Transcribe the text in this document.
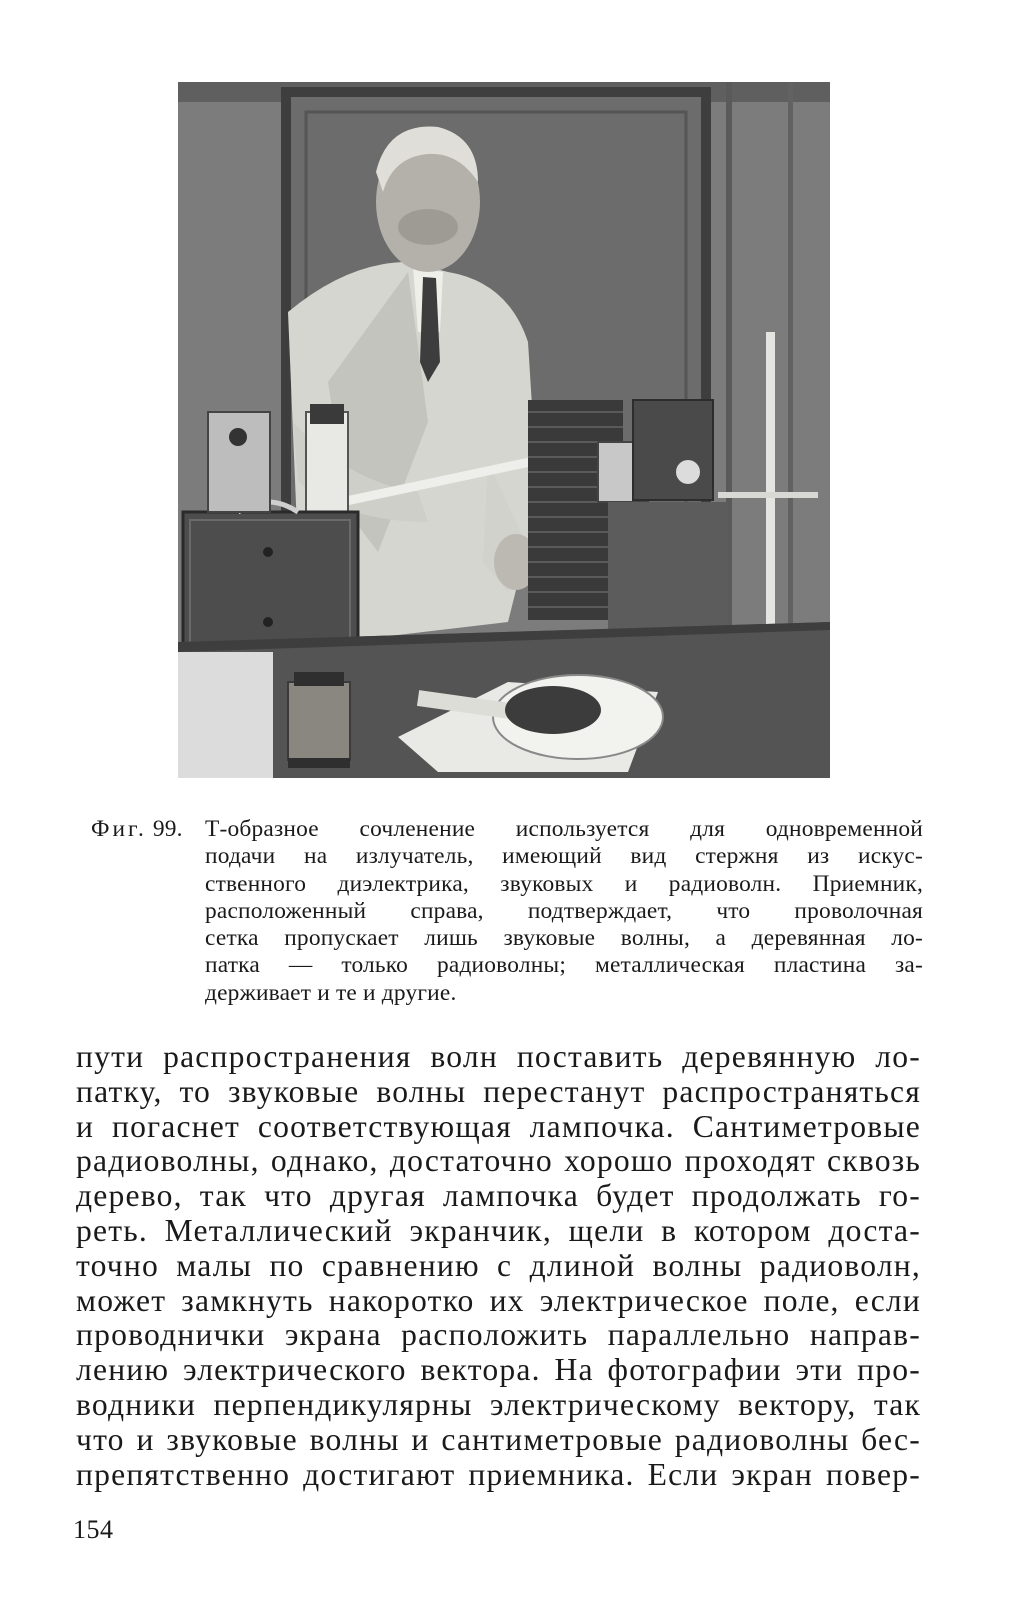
Фиг. 99. Т-образное сочленение используется для одновременной
подачи на излучатель, имеющий вид стержня из искус-
ственного диэлектрика, звуковых и радиоволн. Приемник,
расположенный справа, подтверждает, что проволочная
сетка пропускает лишь звуковые волны, а деревянная ло-
патка — только радиоволны; металлическая пластина за-
держивает и те и другие.
пути распространения волн поставить деревянную ло-
патку, то звуковые волны перестанут распространяться
и погаснет соответствующая лампочка. Сантиметровые
радиоволны, однако, достаточно хорошо проходят сквозь
дерево, так что другая лампочка будет продолжать го-
реть. Металлический экранчик, щели в котором доста-
точно малы по сравнению с длиной волны радиоволн,
может замкнуть накоротко их электрическое поле, если
проводнички экрана расположить параллельно направ-
лению электрического вектора. На фотографии эти про-
водники перпендикулярны электрическому вектору, так
что и звуковые волны и сантиметровые радиоволны бес-
препятственно достигают приемника. Если экран повер-
154
